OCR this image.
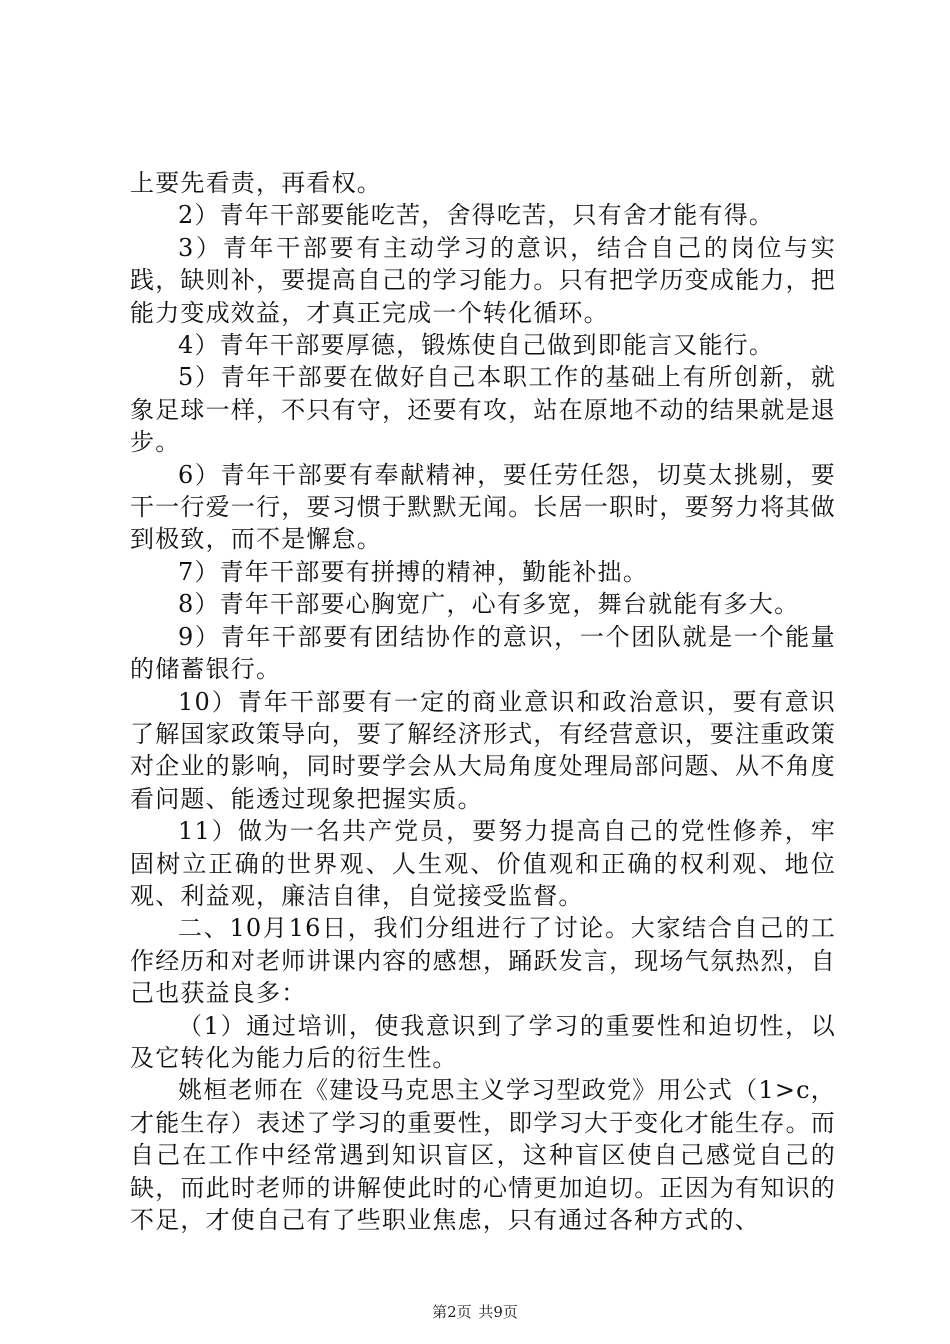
上要先看责，再看权。

2）青年干部要能吃苦，舍得吃苦，只有舍才能有得。

3）青年干部要有主动学习的意识，结合自己的岗位与实践，缺则补，要提高自己的学习能力。只有把学历变成能力，把能力变成效益，才真正完成一个转化循环。

4）青年干部要厚德，锻炼使自己做到即能言又能行。

5）青年干部要在做好自己本职工作的基础上有所创新，就象足球一样，不只有守，还要有攻，站在原地不动的结果就是退步。

6）青年干部要有奉献精神，要任劳任怨，切莫太挑剔，要干一行爱一行，要习惯于默默无闻。长居一职时，要努力将其做到极致，而不是懈怠。

7）青年干部要有拼搏的精神，勤能补拙。

8）青年干部要心胸宽广，心有多宽，舞台就能有多大。

9）青年干部要有团结协作的意识，一个团队就是一个能量的储蓄银行。

10）青年干部要有一定的商业意识和政治意识，要有意识了解国家政策导向，要了解经济形式，有经营意识，要注重政策对企业的影响，同时要学会从大局角度处理局部问题、从不角度看问题、能透过现象把握实质。

11）做为一名共产党员，要努力提高自己的党性修养，牢固树立正确的世界观、人生观、价值观和正确的权利观、地位观、利益观，廉洁自律，自觉接受监督。

二、10月16日，我们分组进行了讨论。大家结合自己的工作经历和对老师讲课内容的感想，踊跃发言，现场气氛热烈，自己也获益良多：

（1）通过培训，使我意识到了学习的重要性和迫切性，以及它转化为能力后的衍生性。

姚桓老师在《建设马克思主义学习型政党》用公式（1>c，才能生存）表述了学习的重要性，即学习大于变化才能生存。而自己在工作中经常遇到知识盲区，这种盲区使自己感觉自己的缺，而此时老师的讲解使此时的心情更加迫切。正因为有知识的不足，才使自己有了些职业焦虑，只有通过各种方式的、

第2页 共9页
